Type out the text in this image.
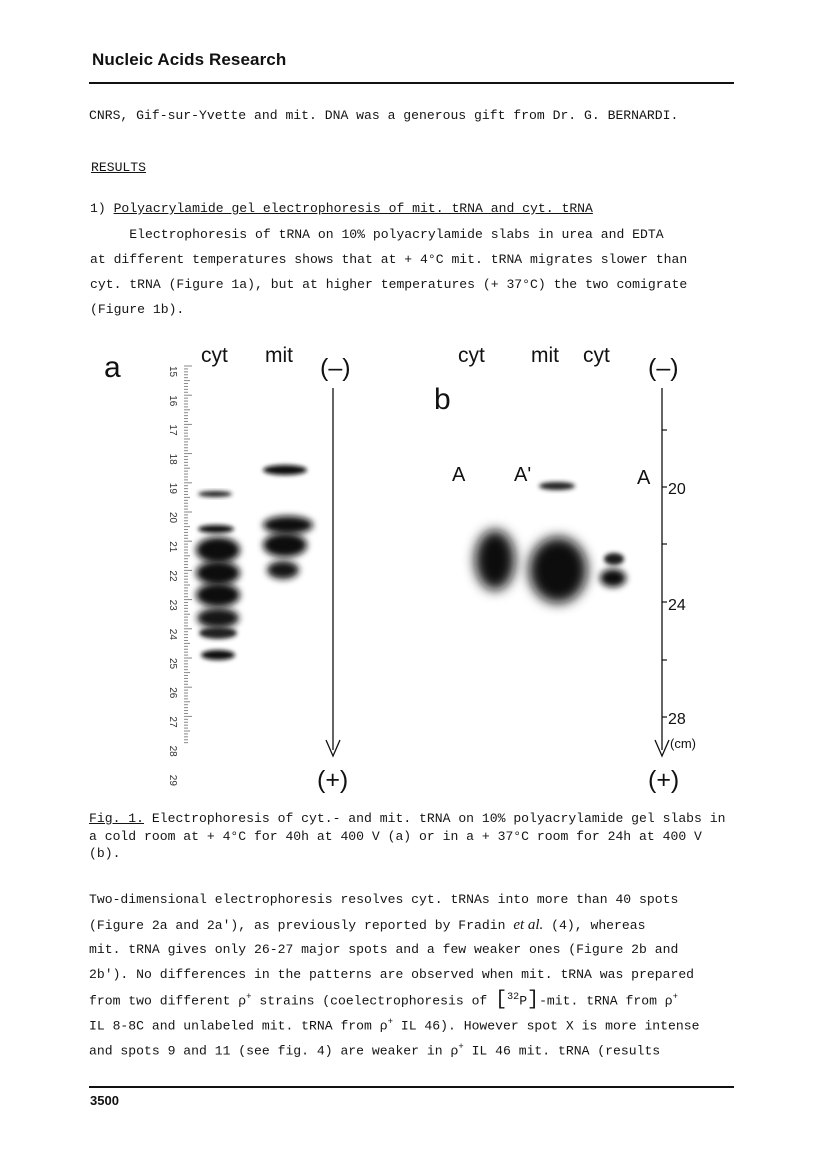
Nucleic Acids Research
CNRS, Gif-sur-Yvette and mit. DNA was a generous gift from Dr. G. BERNARDI.
RESULTS
1) Polyacrylamide gel electrophoresis of mit. tRNA and cyt. tRNA
Electrophoresis of tRNA on 10% polyacrylamide slabs in urea and EDTA
at different temperatures shows that at + 4°C mit. tRNA migrates slower than
cyt. tRNA (Figure 1a), but at higher temperatures (+ 37°C) the two comigrate
(Figure 1b).
a	cyt mit (–)
(+)
15
16
17
18
19
20
21
22
23
24
25
26
27
28
29
b
cyt mit cyt (–)
(+)
A A'	A
20
24
28
(cm)
Fig. 1. Electrophoresis of cyt.- and mit. tRNA on 10% polyacrylamide gel slabs in a cold room at + 4°C for 40h at 400 V (a) or in a + 37°C room for 24h at 400 V (b).
Two-dimensional electrophoresis resolves cyt. tRNAs into more than 40 spots
(Figure 2a and 2a'), as previously reported by Fradin et al. (4), whereas
mit. tRNA gives only 26-27 major spots and a few weaker ones (Figure 2b and
2b'). No differences in the patterns are observed when mit. tRNA was prepared
from two different ρ+ strains (coelectrophoresis of [$^{32}$P]-mit. tRNA from ρ+
IL 8-8C and unlabeled mit. tRNA from ρ+ IL 46). However spot X is more intense
and spots 9 and 11 (see fig. 4) are weaker in ρ+ IL 46 mit. tRNA (results
3500
